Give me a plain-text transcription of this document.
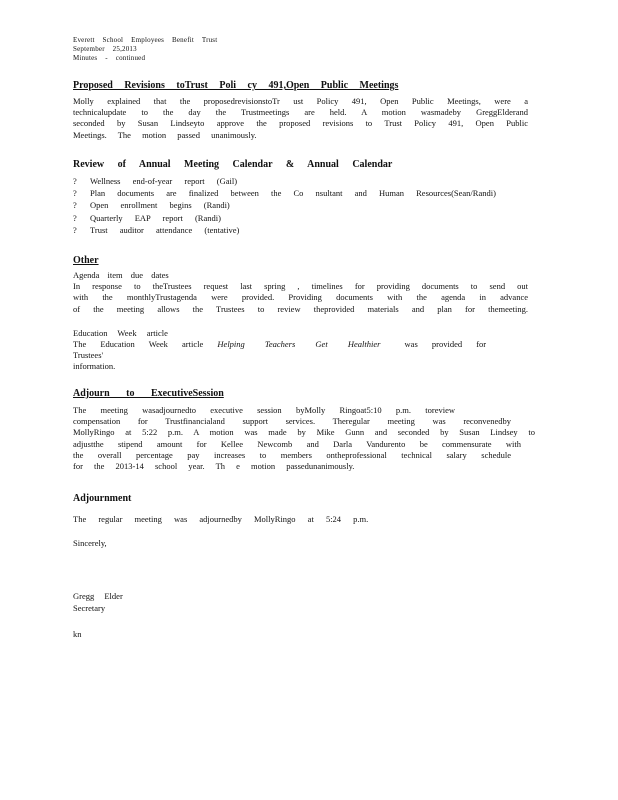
Everett School Employees Benefit Trust
September 25,2013
Minutes - continued

Proposed Revisions toTrust Poli cy 491,Open Public Meetings

Molly explained that the proposedrevisionstoTr ust Policy 491, Open Public Meetings, were a

technicalupdate to the day the Trustmeetings are held. A motion wasmadeby GreggElderand

seconded by Susan Lindseyto approve the proposed revisions to Trust Policy 491, Open Public

Meetings. The motion passed unanimously.

Review of Annual Meeting Calendar & Annual Calendar

?	Wellness end-of-year report (Gail)
?	Plan documents are finalized between the Co nsultant and Human Resources(Sean/Randi)
?	Open enrollment begins (Randi)
?	Quarterly EAP report (Randi)
?	Trust auditor attendance (tentative)

Other

Agenda item due dates

In response to theTrustees request last spring , timelines for providing documents to send out

with the monthlyTrustagenda were provided. Providing documents with the agenda in advance

of the meeting allows the Trustees to review theprovided materials and plan for themeeting.

Education Week article

The Education Week article Helping Teachers Get Healthier	was provided for Trustees'

information.

Adjourn to ExecutiveSession

The meeting wasadjournedto executive session byMolly Ringoat5:10 p.m. toreview

compensation for Trustfinancialand support services. Theregular meeting was reconvenedby

MollyRingo at 5:22 p.m. A motion was made by Mike Gunn and seconded by Susan Lindsey to

adjustthe stipend amount for Kellee Newcomb and Darla Vandurento be commensurate with

the overall percentage pay increases to members ontheprofessional technical salary schedule

for the 2013-14 school year. Th e motion passedunanimously.

Adjournment

The regular meeting was adjournedby MollyRingo at 5:24 p.m.

Sincerely,

Gregg Elder

Secretary

kn
